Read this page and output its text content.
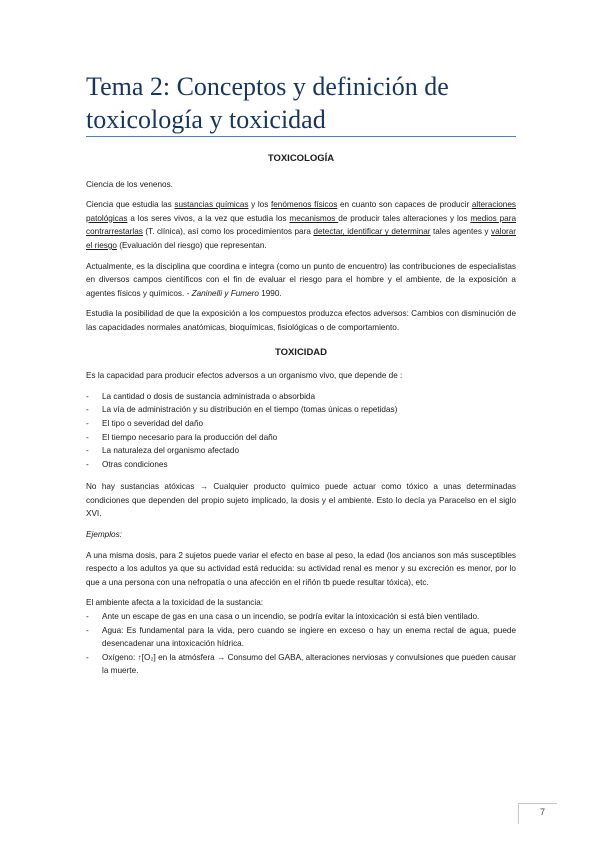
Tema 2: Conceptos y definición de toxicología y toxicidad
TOXICOLOGÍA

Ciencia de los venenos.

Ciencia que estudia las sustancias químicas y los fenómenos físicos en cuanto son capaces de producir alteraciones patológicas a los seres vivos, a la vez que estudia los mecanismos de producir tales alteraciones y los medios para contrarrestarlas (T. clínica), así como los procedimientos para detectar, identificar y determinar tales agentes y valorar el riesgo (Evaluación del riesgo) que representan.

Actualmente, es la disciplina que coordina e integra (como un punto de encuentro) las contribuciones de especialistas en diversos campos científicos con el fin de evaluar el riesgo para el hombre y el ambiente, de la exposición a agentes físicos y químicos. - Zaninelli y Fumero 1990.

Estudia la posibilidad de que la exposición a los compuestos produzca efectos adversos: Cambios con disminución de las capacidades normales anatómicas, bioquímicas, fisiológicas o de comportamiento.

TOXICIDAD

Es la capacidad para producir efectos adversos a un organismo vivo, que depende de :

- La cantidad o dosis de sustancia administrada o absorbida
- La vía de administración y su distribución en el tiempo (tomas únicas o repetidas)
- El tipo o severidad del daño
- El tiempo necesario para la producción del daño
- La naturaleza del organismo afectado
- Otras condiciones

No hay sustancias atóxicas → Cualquier producto químico puede actuar como tóxico a unas determinadas condiciones que dependen del propio sujeto implicado, la dosis y el ambiente. Esto lo decía ya Paracelso en el siglo XVI.

Ejemplos:

A una misma dosis, para 2 sujetos puede variar el efecto en base al peso, la edad (los ancianos son más susceptibles respecto a los adultos ya que su actividad está reducida: su actividad renal es menor y su excreción es menor, por lo que a una persona con una nefropatía o una afección en el riñón tb puede resultar tóxica), etc.

El ambiente afecta a la toxicidad de la sustancia:

- Ante un escape de gas en una casa o un incendio, se podría evitar la intoxicación si está bien ventilado.
- Agua: Es fundamental para la vida, pero cuando se ingiere en exceso o hay un enema rectal de agua, puede desencadenar una intoxicación hídrica.
- Oxígeno: ↑[O₂] en la atmósfera → Consumo del GABA, alteraciones nerviosas y convulsiones que pueden causar la muerte.
7
